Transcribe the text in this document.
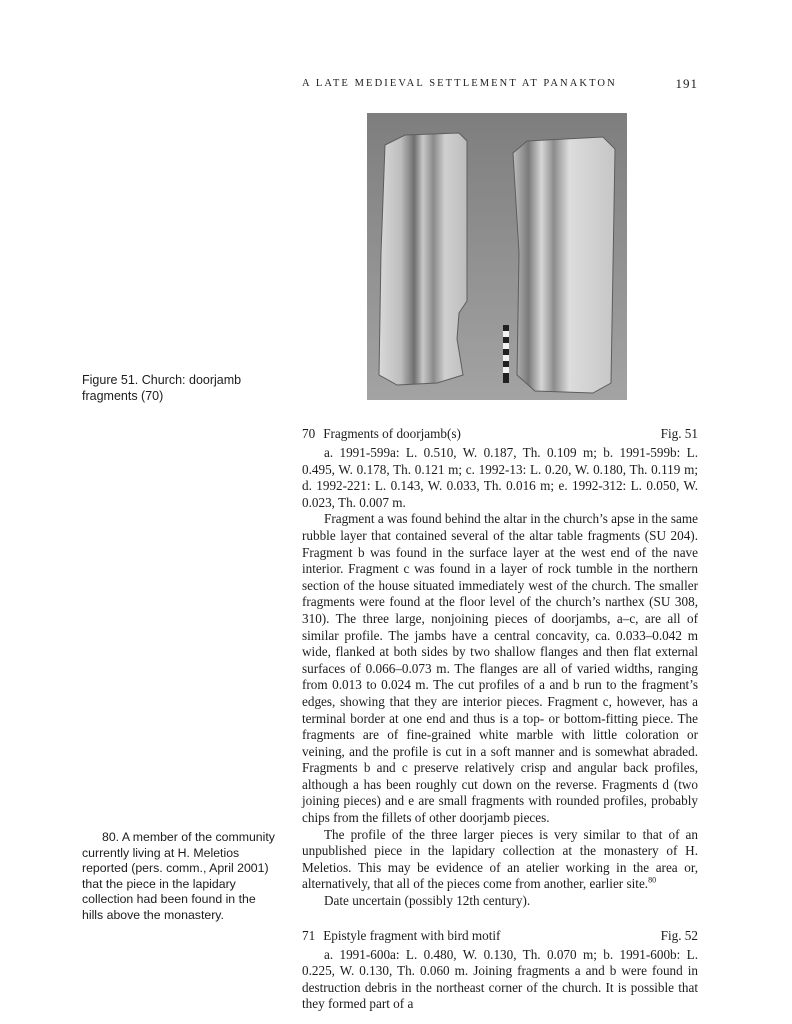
A LATE MEDIEVAL SETTLEMENT AT PANAKTON	191
Figure 51. Church: doorjamb fragments (70)
70 Fragments of doorjamb(s)	Fig. 51

a. 1991-599a: L. 0.510, W. 0.187, Th. 0.109 m; b. 1991-599b: L. 0.495, W. 0.178, Th. 0.121 m; c. 1992-13: L. 0.20, W. 0.180, Th. 0.119 m; d. 1992-221: L. 0.143, W. 0.033, Th. 0.016 m; e. 1992-312: L. 0.050, W. 0.023, Th. 0.007 m.

Fragment a was found behind the altar in the church’s apse in the same rubble layer that contained several of the altar table fragments (SU 204). Fragment b was found in the surface layer at the west end of the nave interior. Fragment c was found in a layer of rock tumble in the northern section of the house situated immediately west of the church. The smaller fragments were found at the floor level of the church’s narthex (SU 308, 310). The three large, nonjoining pieces of doorjambs, a–c, are all of similar profile. The jambs have a central concavity, ca. 0.033–0.042 m wide, flanked at both sides by two shallow flanges and then flat external surfaces of 0.066–0.073 m. The flanges are all of varied widths, ranging from 0.013 to 0.024 m. The cut profiles of a and b run to the fragment’s edges, showing that they are interior pieces. Fragment c, however, has a terminal border at one end and thus is a top- or bottom-fitting piece. The fragments are of fine-grained white marble with little coloration or veining, and the profile is cut in a soft manner and is somewhat abraded. Fragments b and c preserve relatively crisp and angular back profiles, although a has been roughly cut down on the reverse. Fragments d (two joining pieces) and e are small fragments with rounded profiles, probably chips from the fillets of other doorjamb pieces.

The profile of the three larger pieces is very similar to that of an unpublished piece in the lapidary collection at the monastery of H. Meletios. This may be evidence of an atelier working in the area or, alternatively, that all of the pieces come from another, earlier site.$^{80}$

Date uncertain (possibly 12th century).

71 Epistyle fragment with bird motif	Fig. 52

a. 1991-600a: L. 0.480, W. 0.130, Th. 0.070 m; b. 1991-600b: L. 0.225, W. 0.130, Th. 0.060 m. Joining fragments a and b were found in destruction debris in the northeast corner of the church. It is possible that they formed part of a

80. A member of the community currently living at H. Meletios reported (pers. comm., April 2001) that the piece in the lapidary collection had been found in the hills above the monastery.
